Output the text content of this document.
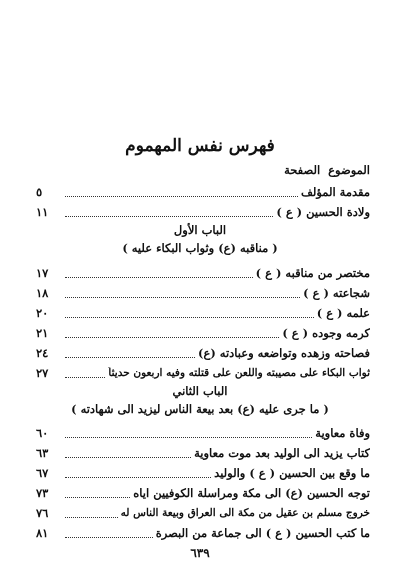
فهرس نفس المهموم
الموضوع
الصفحة
مقدمة المؤلف
٥
ولادة الحسين ( ع )
١١
الباب الأول
( مناقبه (ع) وثواب البكاء عليه )
مختصر من مناقبه ( ع )
١٧
شجاعته ( ع )
١٨
علمه ( ع )
٢٠
كرمه وجوده ( ع )
٢١
فصاحته وزهده وتواضعه وعبادته (ع)
٢٤
ثواب البكاء على مصيبته واللعن على قتلته وفيه اربعون حديثاً
٢٧
الباب الثاني
( ما جرى عليه (ع) بعد بيعة الناس ليزيد الى شهادته )
وفاة معاوية
٦٠
كتاب يزيد الى الوليد بعد موت معاوية
٦٣
ما وقع بين الحسين ( ع ) والوليد
٦٧
توجه الحسين (ع) الى مكة ومراسلة الكوفيين اياه
٧٣
خروج مسلم بن عقيل من مكة الى العراق وبيعة الناس له
٧٦
ما كتب الحسين ( ع ) الى جماعة من البصرة
٨١
٦٣٩
